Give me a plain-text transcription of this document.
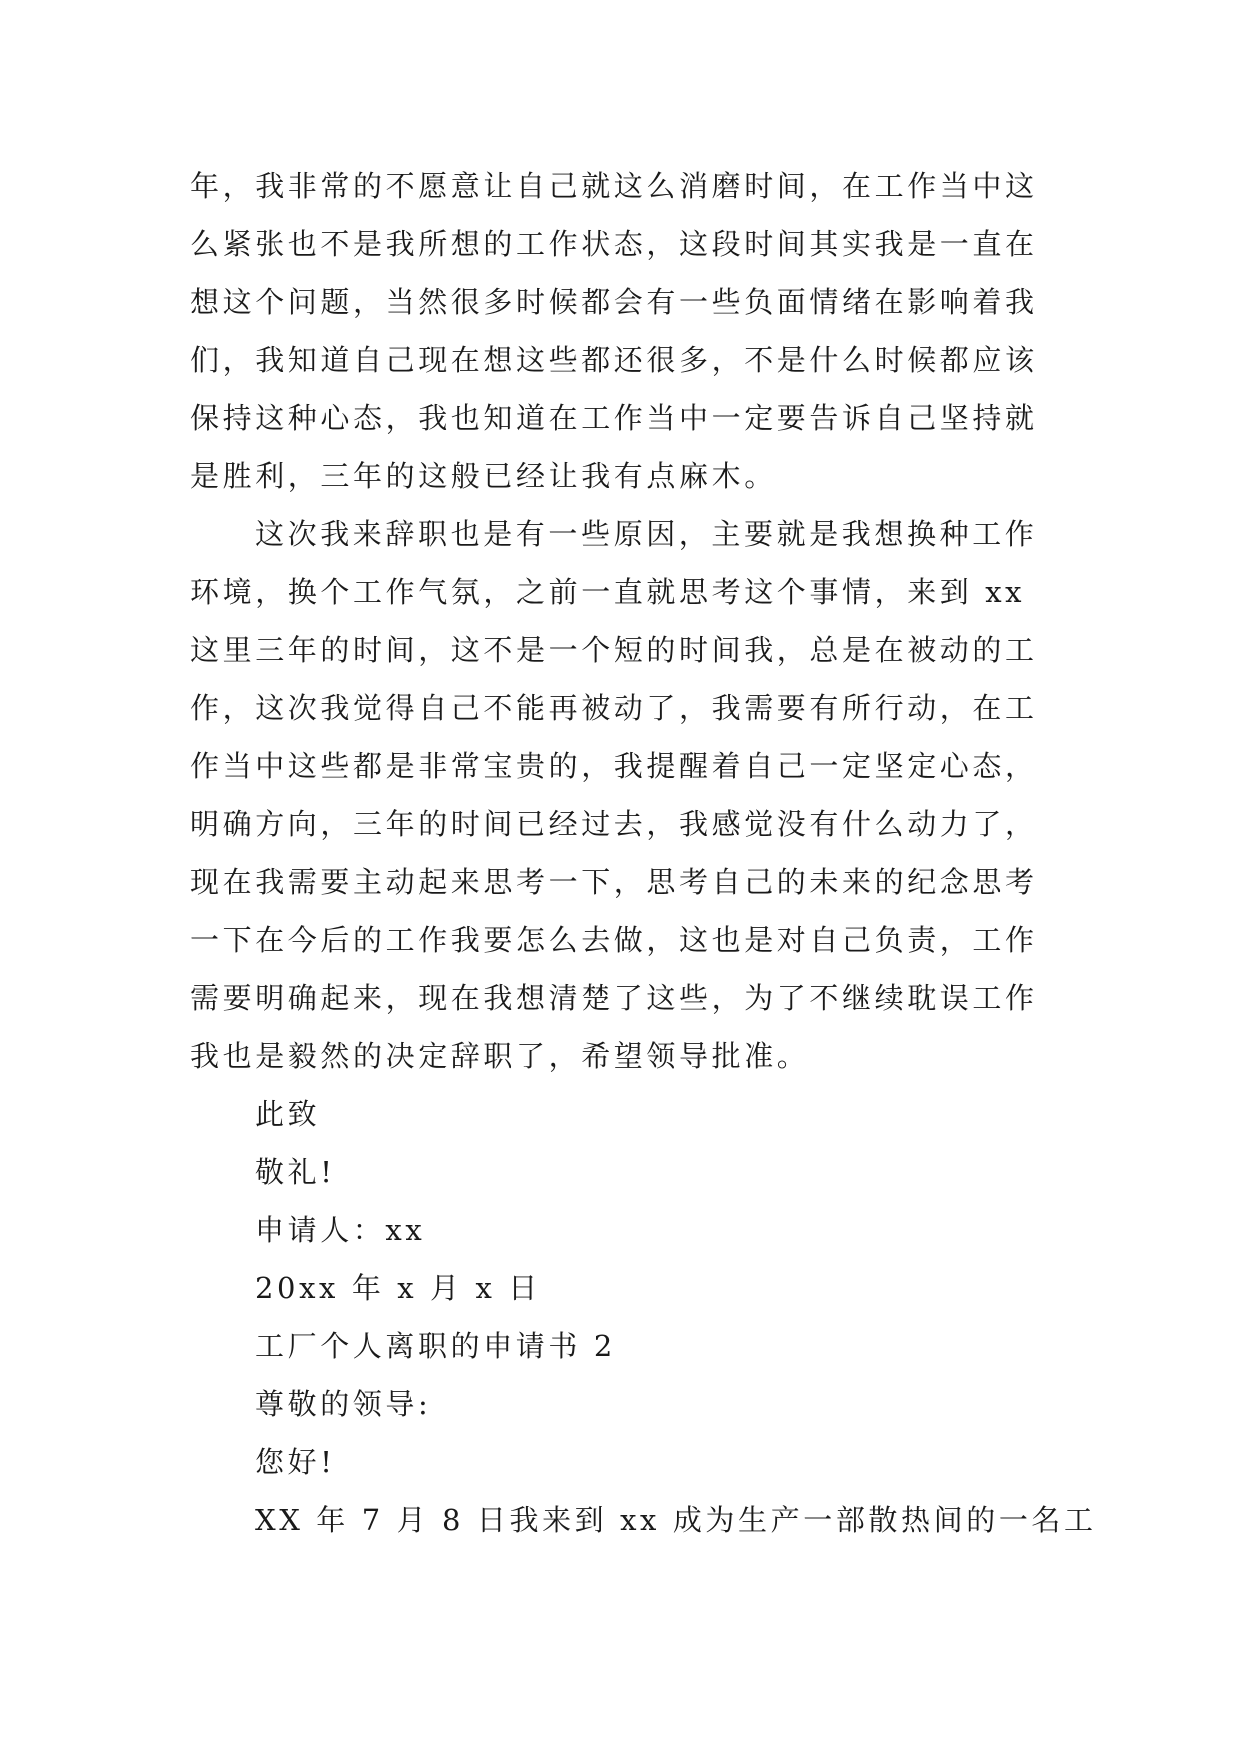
年，我非常的不愿意让自己就这么消磨时间，在工作当中这
么紧张也不是我所想的工作状态，这段时间其实我是一直在
想这个问题，当然很多时候都会有一些负面情绪在影响着我
们，我知道自己现在想这些都还很多，不是什么时候都应该
保持这种心态，我也知道在工作当中一定要告诉自己坚持就
是胜利，三年的这般已经让我有点麻木。
这次我来辞职也是有一些原因，主要就是我想换种工作
环境，换个工作气氛，之前一直就思考这个事情，来到 xx
这里三年的时间，这不是一个短的时间我，总是在被动的工
作，这次我觉得自己不能再被动了，我需要有所行动，在工
作当中这些都是非常宝贵的，我提醒着自己一定坚定心态，
明确方向，三年的时间已经过去，我感觉没有什么动力了，
现在我需要主动起来思考一下，思考自己的未来的纪念思考
一下在今后的工作我要怎么去做，这也是对自己负责，工作
需要明确起来，现在我想清楚了这些，为了不继续耽误工作
我也是毅然的决定辞职了，希望领导批准。
此致
敬礼!
申请人：xx
20xx 年 x 月 x 日
工厂个人离职的申请书 2
尊敬的领导:
您好!
XX 年 7 月 8 日我来到 xx 成为生产一部散热间的一名工
